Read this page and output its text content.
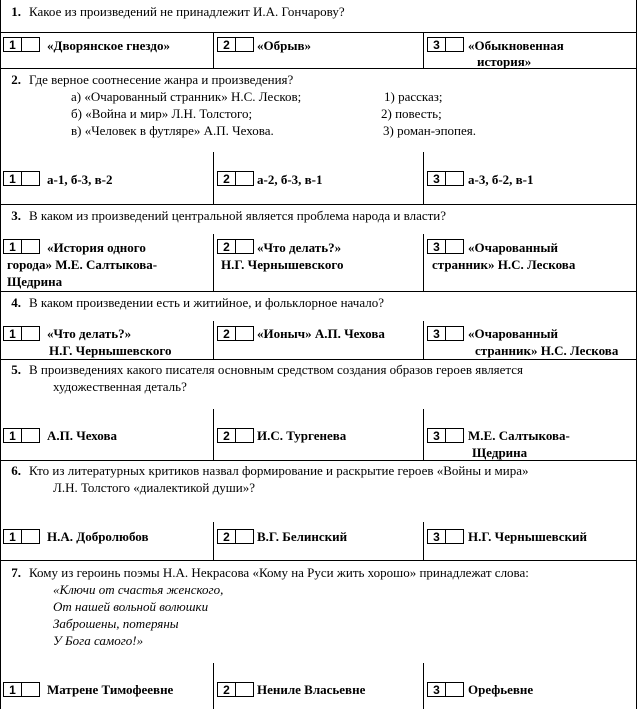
1. Какое из произведений не принадлежит И.А. Гончарову?
1	«Дворянское гнездо»	2	«Обрыв»	3	«Обыкновенная
история»
2. Где верное соотнесение жанра и произведения?
а) «Очарованный странник» Н.С. Лесков;	1) рассказ;
б) «Война и мир» Л.Н. Толстого;	2) повесть;
в) «Человек в футляре» А.П. Чехова.	3) роман-эпопея.
1	а-1, б-3, в-2	2	а-2, б-3, в-1	3	а-3, б-2, в-1
3. В каком из произведений центральной является проблема народа и власти?
1	«История одного
города» М.Е. Салтыкова-
Щедрина
2	«Что делать?»
Н.Г. Чернышевского
3	«Очарованный
странник» Н.С. Лескова
4. В каком произведении есть и житийное, и фольклорное начало?
1	«Что делать?»
Н.Г. Чернышевского
2	«Ионыч» А.П. Чехова	3	«Очарованный
странник» Н.С. Лескова
5. В произведениях какого писателя основным средством создания образов героев является
художественная деталь?
1	А.П. Чехова	2	И.С. Тургенева	3	М.Е. Салтыкова-
Щедрина
6. Кто из литературных критиков назвал формирование и раскрытие героев «Войны и мира»
Л.Н. Толстого «диалектикой души»?
1	Н.А. Добролюбов	2	В.Г. Белинский	3	Н.Г. Чернышевский
7. Кому из героинь поэмы Н.А. Некрасова «Кому на Руси жить хорошо» принадлежат слова:
«Ключи от счастья женского,
От нашей вольной волюшки
Заброшены, потеряны
У Бога самого!»
1	Матрене Тимофеевне	2	Нениле Власьевне	3	Орефьевне
